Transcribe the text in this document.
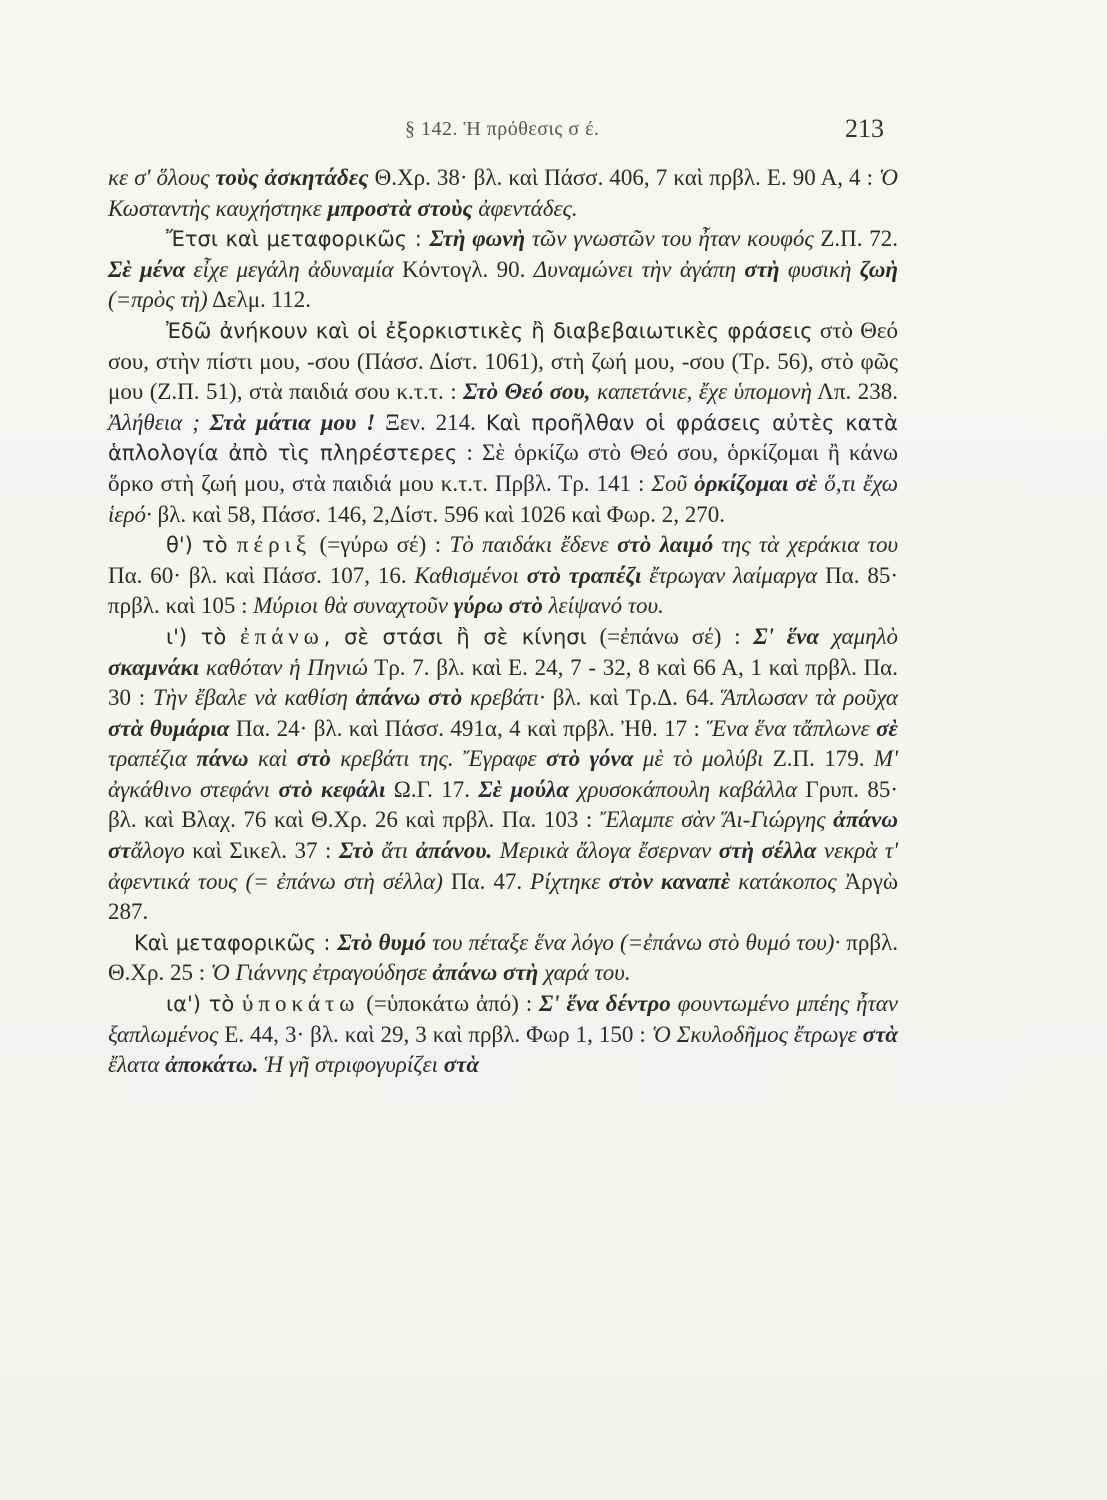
§ 142. Ἡ πρόθεσις σ έ.	213

κε σ' ὅλους τοὺς ἀσκητάδες Θ.Χρ. 38· βλ. καὶ Πάσσ. 406, 7 καὶ πρβλ. Ε. 90 Α, 4 : Ὁ Κωσταντὴς καυχήστηκε μπροστὰ στοὺς ἀφεντάδες.

Ἔτσι καὶ μεταφορικῶς : Στὴ φωνὴ τῶν γνωστῶν του ἦταν κουφός Ζ.Π. 72. Σὲ μένα εἶχε μεγάλη ἀδυναμία Κόντογλ. 90. Δυναμώνει τὴν ἀγάπη στὴ φυσικὴ ζωὴ (=πρὸς τὴ) Δελμ. 112.

Ἐδῶ ἀνήκουν καὶ οἱ ἐξορκιστικὲς ἢ διαβεβαιωτικὲς φράσεις στὸ Θεό σου, στὴν πίστι μου, -σου (Πάσσ. Δίστ. 1061), στὴ ζωή μου, -σου (Τρ. 56), στὸ φῶς μου (Ζ.Π. 51), στὰ παιδιά σου κ.τ.τ. : Στὸ Θεό σου, καπετάνιε, ἔχε ὑπομονὴ Λπ. 238. Ἀλήθεια ; Στὰ μάτια μου ! Ξεν. 214. Καὶ προῆλθαν οἱ φράσεις αὐτὲς κατὰ ἁπλολογία ἀπὸ τὶς πληρέστερες : Σὲ ὁρκίζω στὸ Θεό σου, ὁρκίζομαι ἢ κάνω ὅρκο στὴ ζωή μου, στὰ παιδιά μου κ.τ.τ. Πρβλ. Τρ. 141 : Σοῦ ὁρκίζομαι σὲ ὅ,τι ἔχω ἱερό· βλ. καὶ 58, Πάσσ. 146, 2,Δίστ. 596 καὶ 1026 καὶ Φωρ. 2, 270.

θ') τὸ πέριξ (=γύρω σέ) : Τὸ παιδάκι ἔδενε στὸ λαιμό της τὰ χεράκια του Πα. 60· βλ. καὶ Πάσσ. 107, 16. Καθισμένοι στὸ τραπέζι ἔτρωγαν λαίμαργα Πα. 85· πρβλ. καὶ 105 : Μύριοι θὰ συναχτοῦν γύρω στὸ λείψανό του.

ι') τὸ ἐπάνω, σὲ στάσι ἢ σὲ κίνησι (=ἐπάνω σέ) : Σ' ἕνα χαμηλὸ σκαμνάκι καθόταν ἡ Πηνιώ Τρ. 7. βλ. καὶ Ε. 24, 7 - 32, 8 καὶ 66 Α, 1 καὶ πρβλ. Πα. 30 : Τὴν ἔβαλε νὰ καθίση ἀπάνω στὸ κρεβάτι· βλ. καὶ Τρ.Δ. 64. Ἅπλωσαν τὰ ροῦχα στὰ θυμάρια Πα. 24· βλ. καὶ Πάσσ. 491α, 4 καὶ πρβλ. Ἠθ. 17 : Ἕνα ἕνα τἄπλωνε σὲ τραπέζια πάνω καὶ στὸ κρεβάτι της. Ἔγραφε στὸ γόνα μὲ τὸ μολύβι Ζ.Π. 179. Μ' ἀγκάθινο στεφάνι στὸ κεφάλι Ω.Γ. 17. Σὲ μούλα χρυσοκάπουλη καβάλλα Γρυπ. 85· βλ. καὶ Βλαχ. 76 καὶ Θ.Χρ. 26 καὶ πρβλ. Πα. 103 : Ἔλαμπε σὰν Ἅι-Γιώργης ἀπάνω στἄλογο καὶ Σικελ. 37 : Στὸ ἄτι ἀπάνου. Μερικὰ ἄλογα ἔσερναν στὴ σέλλα νεκρὰ τ' ἀφεντικά τους (= ἐπάνω στὴ σέλλα) Πα. 47. Ρίχτηκε στὸν καναπὲ κατάκοπος Ἀργὼ 287.

Καὶ μεταφορικῶς : Στὸ θυμό του πέταξε ἕνα λόγο (=ἐπάνω στὸ θυμό του)· πρβλ. Θ.Χρ. 25 : Ὁ Γιάννης ἐτραγούδησε ἀπάνω στὴ χαρά του.

ια') τὸ ὑποκάτω (=ὑποκάτω ἀπό) : Σ' ἕνα δέντρο φουντωμένο μπέης ἦταν ξαπλωμένος Ε. 44, 3· βλ. καὶ 29, 3 καὶ πρβλ. Φωρ 1, 150 : Ὁ Σκυλοδῆμος ἔτρωγε στὰ ἔλατα ἀποκάτω. Ἡ γῆ στριφογυρίζει στὰ
